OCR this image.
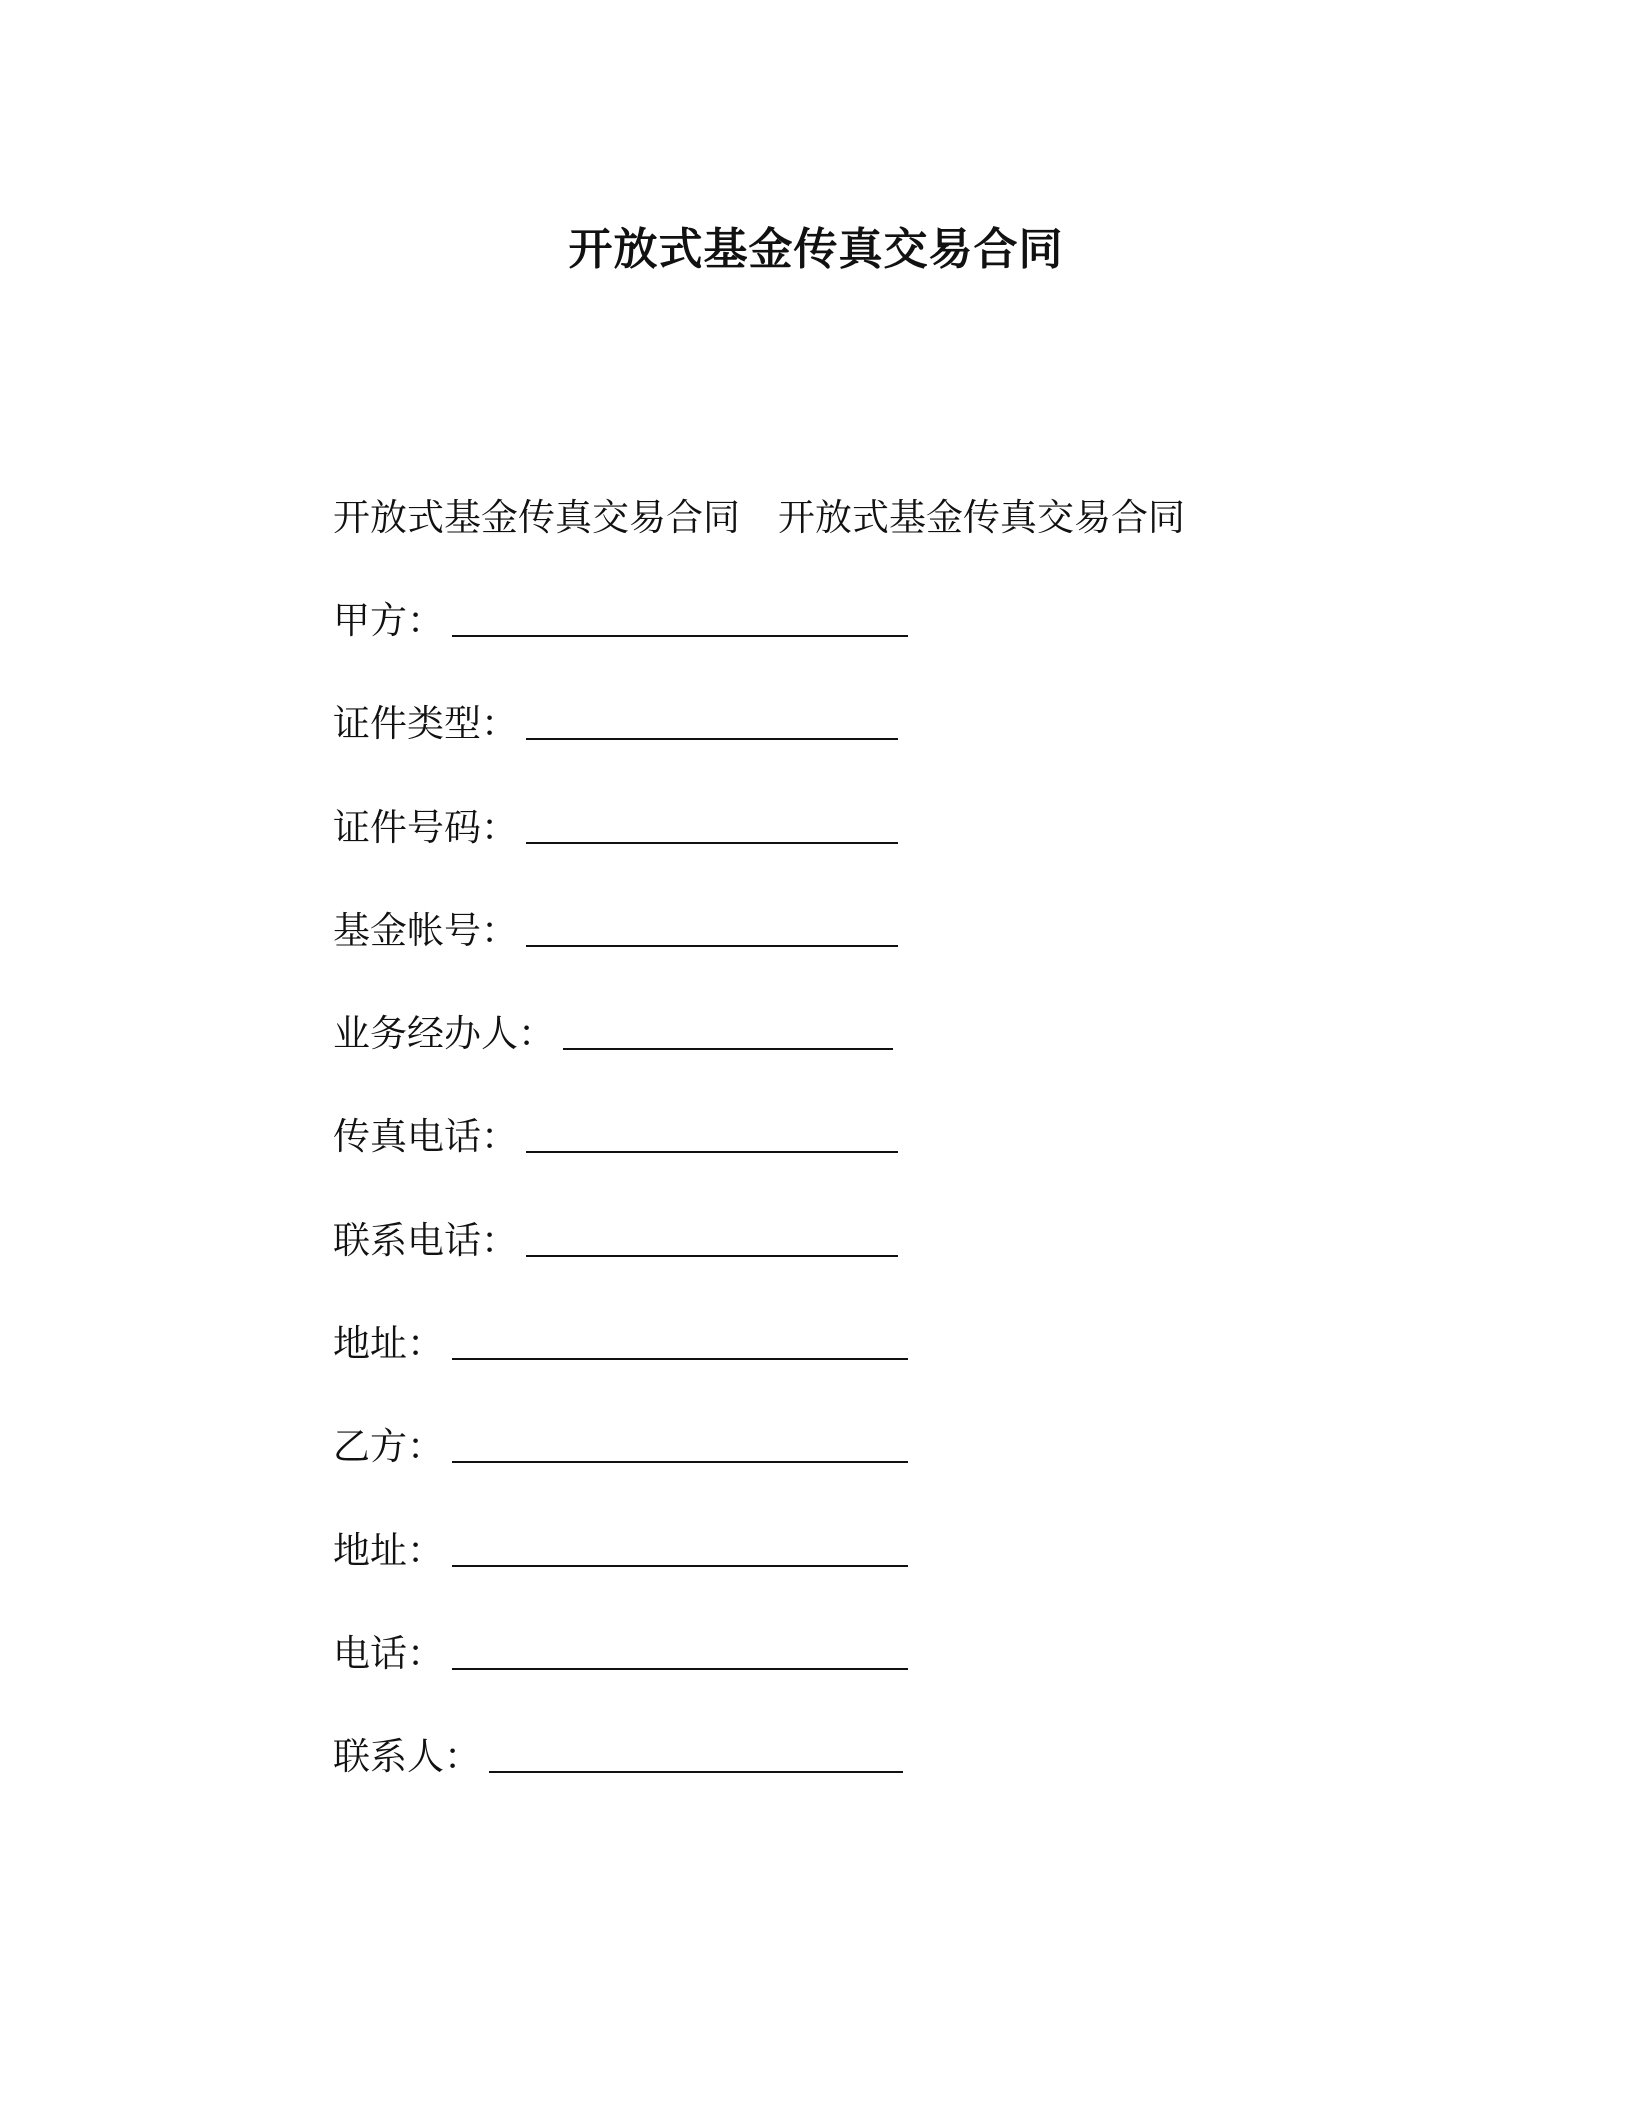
开放式基金传真交易合同
开放式基金传真交易合同 开放式基金传真交易合同
甲方：
证件类型：
证件号码：
基金帐号：
业务经办人：
传真电话：
联系电话：
地址：
乙方：
地址：
电话：
联系人：
